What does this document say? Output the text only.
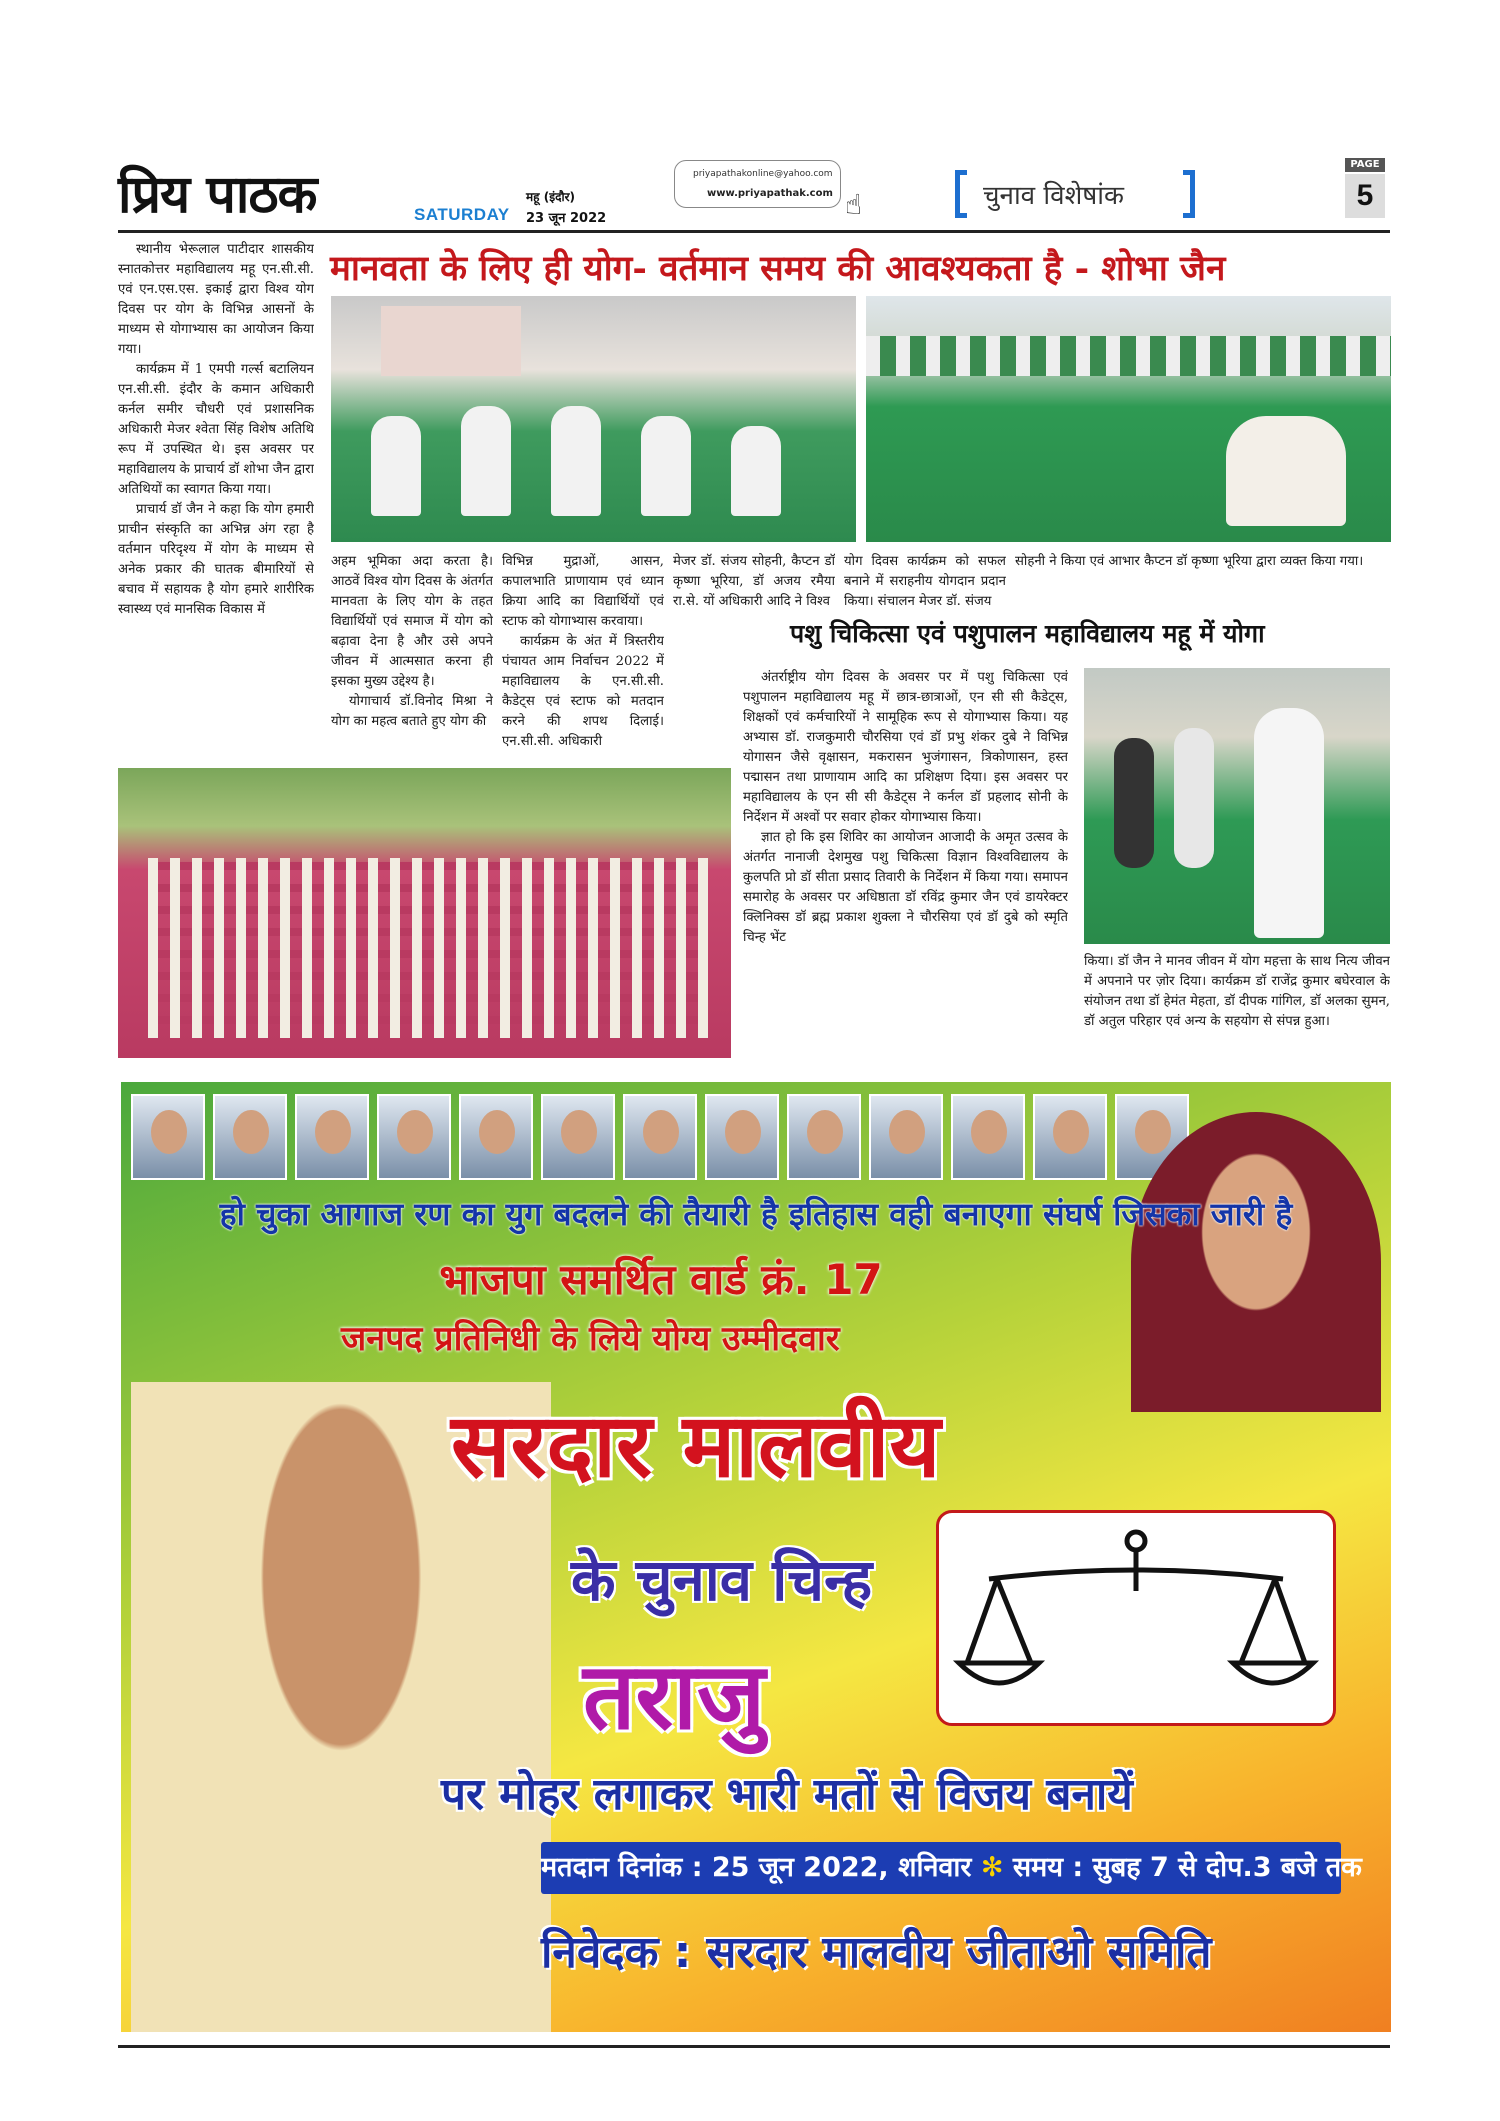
प्रिय पाठक	SATURDAY
महू (इंदौर)
23 जून 2022
priyapathakonline@yahoo.com
www.priyapathak.com ☝	चुनाव विशेषांक
PAGE
5
मानवता के लिए ही योग- वर्तमान समय की आवश्यकता है - शोभा जैन

स्थानीय भेरूलाल पाटीदार शासकीय स्नातकोत्तर महाविद्यालय महू एन.सी.सी. एवं एन.एस.एस. इकाई द्वारा विश्व योग दिवस पर योग के विभिन्न आसनों के माध्यम से योगाभ्यास का आयोजन किया गया।

कार्यक्रम में 1 एमपी गर्ल्स बटालियन एन.सी.सी. इंदौर के कमान अधिकारी कर्नल समीर चौधरी एवं प्रशासनिक अधिकारी मेजर श्वेता सिंह विशेष अतिथि रूप में उपस्थित थे। इस अवसर पर महाविद्यालय के प्राचार्य डॉ शोभा जैन द्वारा अतिथियों का स्वागत किया गया।

प्राचार्य डॉ जैन ने कहा कि योग हमारी प्राचीन संस्कृति का अभिन्न अंग रहा है वर्तमान परिदृश्य में योग के माध्यम से अनेक प्रकार की घातक बीमारियों से बचाव में सहायक है योग हमारे शारीरिक स्वास्थ्य एवं मानसिक विकास में

अहम भूमिका अदा करता है। आठवें विश्व योग दिवस के अंतर्गत मानवता के लिए योग के तहत विद्यार्थियों एवं समाज में योग को बढ़ावा देना है और उसे अपने जीवन में आत्मसात करना ही इसका मुख्य उद्देश्य है।

योगाचार्य डॉ.विनोद मिश्रा ने योग का महत्व बताते हुए योग की

विभिन्न मुद्राओं, आसन, कपालभाति प्राणायाम एवं ध्यान क्रिया आदि का विद्यार्थियों एवं स्टाफ को योगाभ्यास करवाया।

कार्यक्रम के अंत में त्रिस्तरीय पंचायत आम निर्वाचन 2022 में महाविद्यालय के एन.सी.सी. कैडेट्स एवं स्टाफ को मतदान करने की शपथ दिलाई। एन.सी.सी. अधिकारी

मेजर डॉ. संजय सोहनी, कैप्टन डॉ कृष्णा भूरिया, डॉ अजय रमैया रा.से. यों अधिकारी आदि ने विश्व

योग दिवस कार्यक्रम को सफल बनाने में सराहनीय योगदान प्रदान किया। संचालन मेजर डॉ. संजय

सोहनी ने किया एवं आभार कैप्टन डॉ कृष्णा भूरिया द्वारा व्यक्त किया गया।

पशु चिकित्सा एवं पशुपालन महाविद्यालय महू में योगा

अंतर्राष्ट्रीय योग दिवस के अवसर पर में पशु चिकित्सा एवं पशुपालन महाविद्यालय महू में छात्र-छात्राओं, एन सी सी कैडेट्स, शिक्षकों एवं कर्मचारियों ने सामूहिक रूप से योगाभ्यास किया। यह अभ्यास डॉ. राजकुमारी चौरसिया एवं डॉ प्रभु शंकर दुबे ने विभिन्न योगासन जैसे वृक्षासन, मकरासन भुजंगासन, त्रिकोणासन, हस्त पद्मासन तथा प्राणायाम आदि का प्रशिक्षण दिया। इस अवसर पर महाविद्यालय के एन सी सी कैडेट्स ने कर्नल डॉ प्रहलाद सोनी के निर्देशन में अश्वों पर सवार होकर योगाभ्यास किया।

ज्ञात हो कि इस शिविर का आयोजन आजादी के अमृत उत्सव के अंतर्गत नानाजी देशमुख पशु चिकित्सा विज्ञान विश्वविद्यालय के कुलपति प्रो डॉ सीता प्रसाद तिवारी के निर्देशन में किया गया। समापन समारोह के अवसर पर अधिष्ठाता डॉ रविंद्र कुमार जैन एवं डायरेक्टर क्लिनिक्स डॉ ब्रह्म प्रकाश शुक्ला ने चौरसिया एवं डॉ दुबे को स्मृति चिन्ह भेंट

किया। डॉ जैन ने मानव जीवन में योग महत्ता के साथ नित्य जीवन में अपनाने पर ज़ोर दिया। कार्यक्रम डॉ राजेंद्र कुमार बघेरवाल के संयोजन तथा डॉ हेमंत मेहता, डॉ दीपक गांगिल, डॉ अलका सुमन, डॉ अतुल परिहार एवं अन्य के सहयोग से संपन्न हुआ।

हो चुका आगाज रण का युग बदलने की तैयारी है इतिहास वही बनाएगा संघर्ष जिसका जारी है
भाजपा समर्थित वार्ड क्रं. 17
जनपद प्रतिनिधी के लिये योग्य उम्मीदवार
सरदार मालवीय
के चुनाव चिन्ह
तराजु
पर मोहर लगाकर भारी मतों से विजय बनायें
मतदान दिनांक : 25 जून 2022, शनिवार ✻ समय : सुबह 7 से दोप.3 बजे तक
निवेदक : सरदार मालवीय जीताओ समिति
